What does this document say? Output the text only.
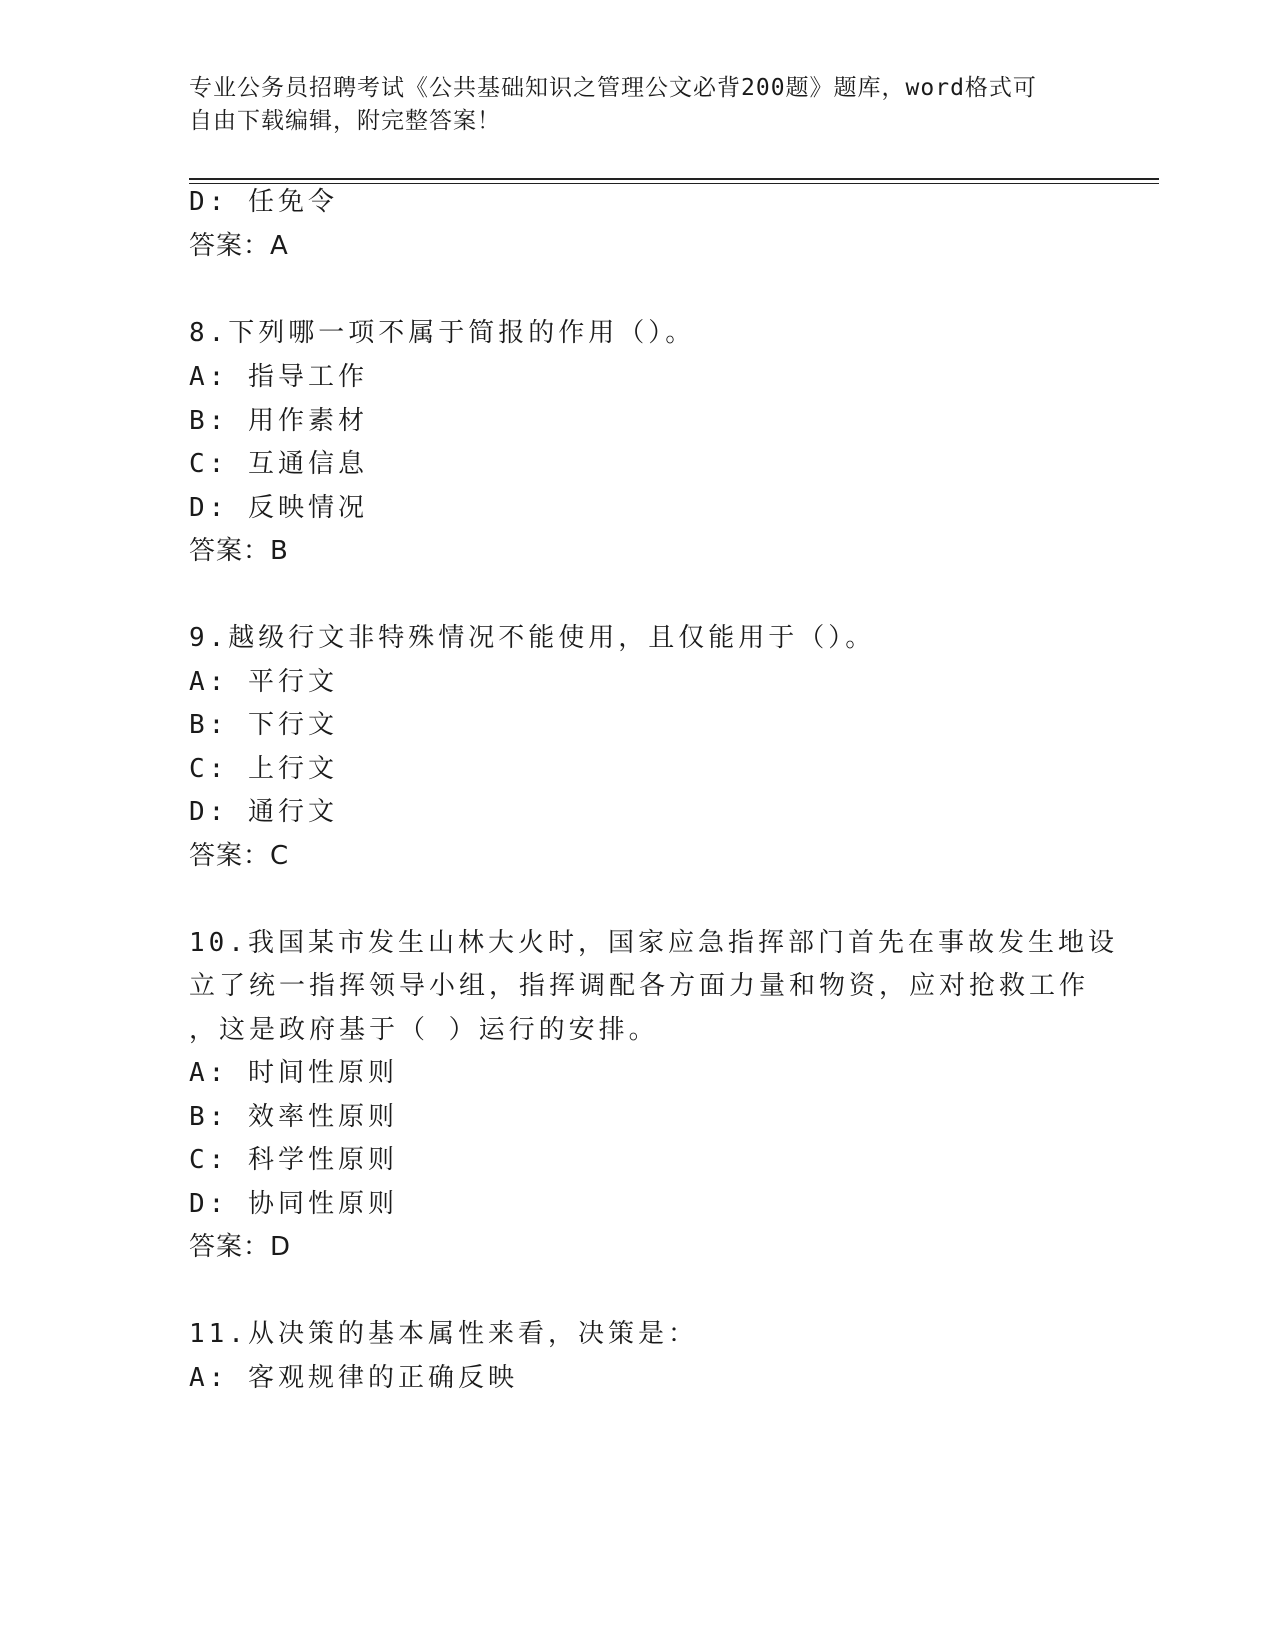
专业公务员招聘考试《公共基础知识之管理公文必背200题》题库，word格式可
自由下载编辑，附完整答案！
D: 任免令
答案：A
8.下列哪一项不属于简报的作用（）。
A: 指导工作
B: 用作素材
C: 互通信息
D: 反映情况
答案：B
9.越级行文非特殊情况不能使用，且仅能用于（）。
A: 平行文
B: 下行文
C: 上行文
D: 通行文
答案：C
10.我国某市发生山林大火时，国家应急指挥部门首先在事故发生地设
立了统一指挥领导小组，指挥调配各方面力量和物资，应对抢救工作
，这是政府基于（ ）运行的安排。
A: 时间性原则
B: 效率性原则
C: 科学性原则
D: 协同性原则
答案：D
11.从决策的基本属性来看，决策是：
A: 客观规律的正确反映
